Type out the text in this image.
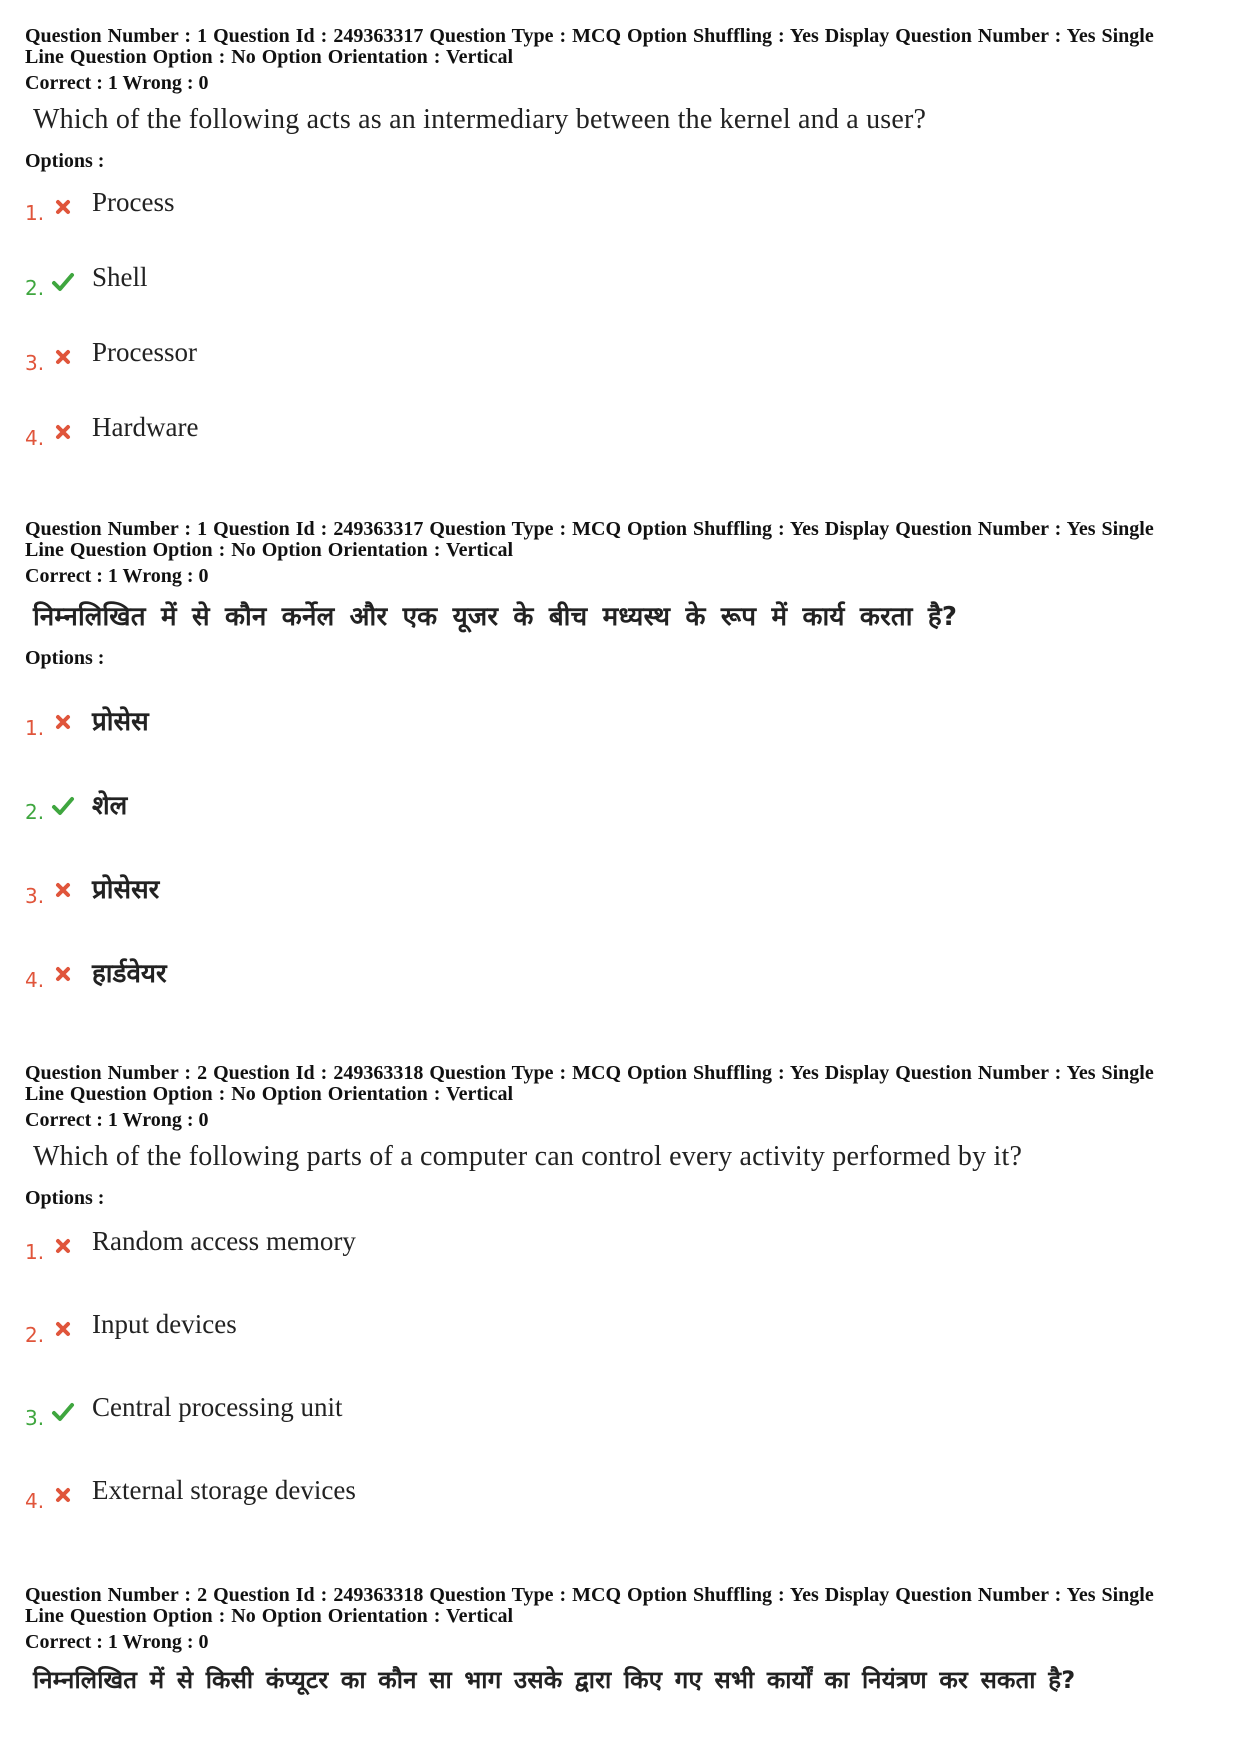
Question Number : 1 Question Id : 249363317 Question Type : MCQ Option Shuffling : Yes Display Question Number : Yes Single
Line Question Option : No Option Orientation : Vertical
Correct : 1 Wrong : 0
Which of the following acts as an intermediary between the kernel and a user?
Options :
1. Process
2. Shell
3. Processor
4. Hardware
Question Number : 1 Question Id : 249363317 Question Type : MCQ Option Shuffling : Yes Display Question Number : Yes Single
Line Question Option : No Option Orientation : Vertical
Correct : 1 Wrong : 0
निम्नलिखित में से कौन कर्नेल और एक यूजर के बीच मध्यस्थ के रूप में कार्य करता है?
Options :
1. प्रोसेस
2. शेल
3. प्रोसेसर
4. हार्डवेयर
Question Number : 2 Question Id : 249363318 Question Type : MCQ Option Shuffling : Yes Display Question Number : Yes Single
Line Question Option : No Option Orientation : Vertical
Correct : 1 Wrong : 0
Which of the following parts of a computer can control every activity performed by it?
Options :
1. Random access memory
2. Input devices
3. Central processing unit
4. External storage devices
Question Number : 2 Question Id : 249363318 Question Type : MCQ Option Shuffling : Yes Display Question Number : Yes Single
Line Question Option : No Option Orientation : Vertical
Correct : 1 Wrong : 0
निम्नलिखित में से किसी कंप्यूटर का कौन सा भाग उसके द्वारा किए गए सभी कार्यों का नियंत्रण कर सकता है?
